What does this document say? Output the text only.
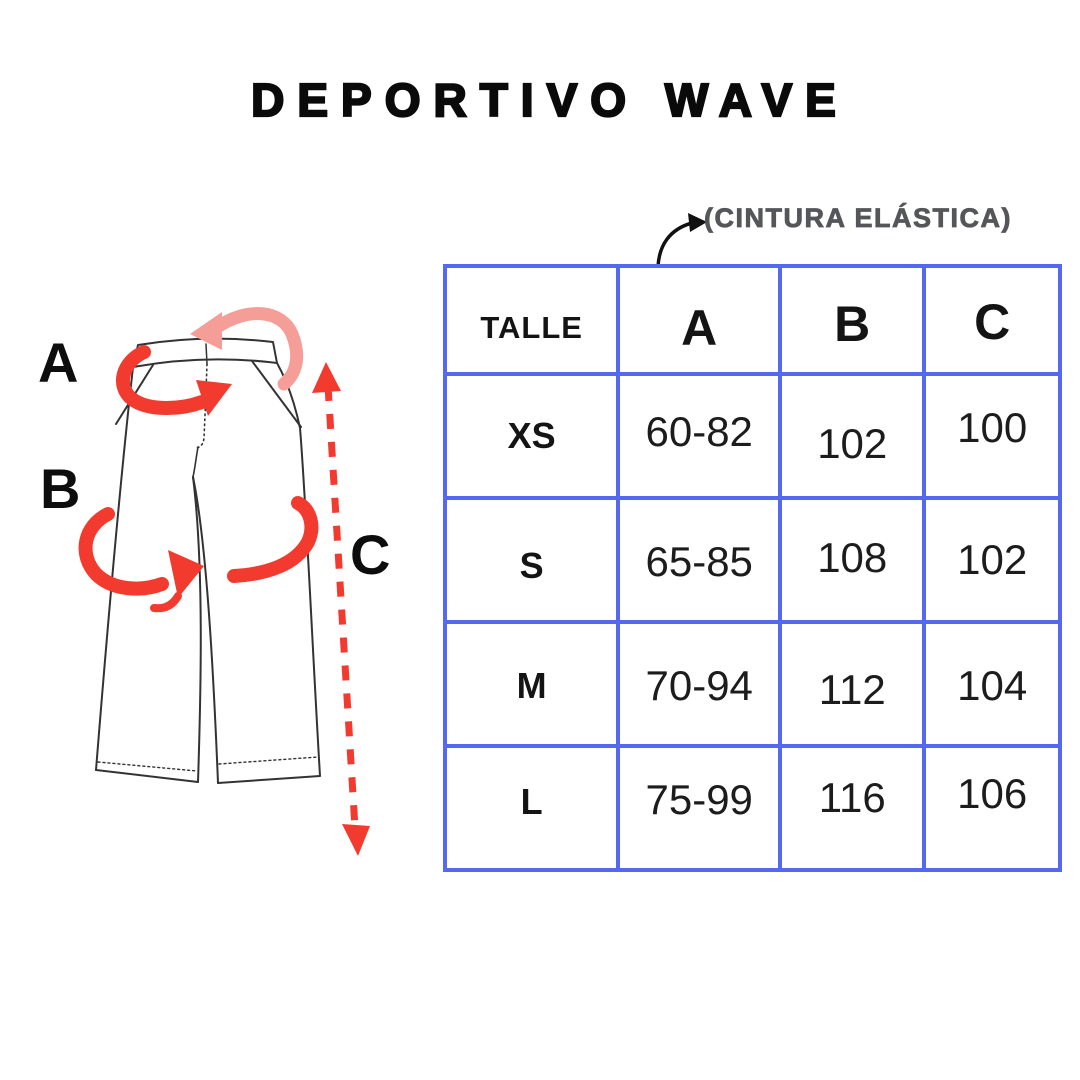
DEPORTIVO WAVE
A
B
C
(CINTURA ELÁSTICA)
TALLE A B C
XS 60-82 102 100
S 65-85 108 102
M 70-94 112 104
L 75-99 116 106
